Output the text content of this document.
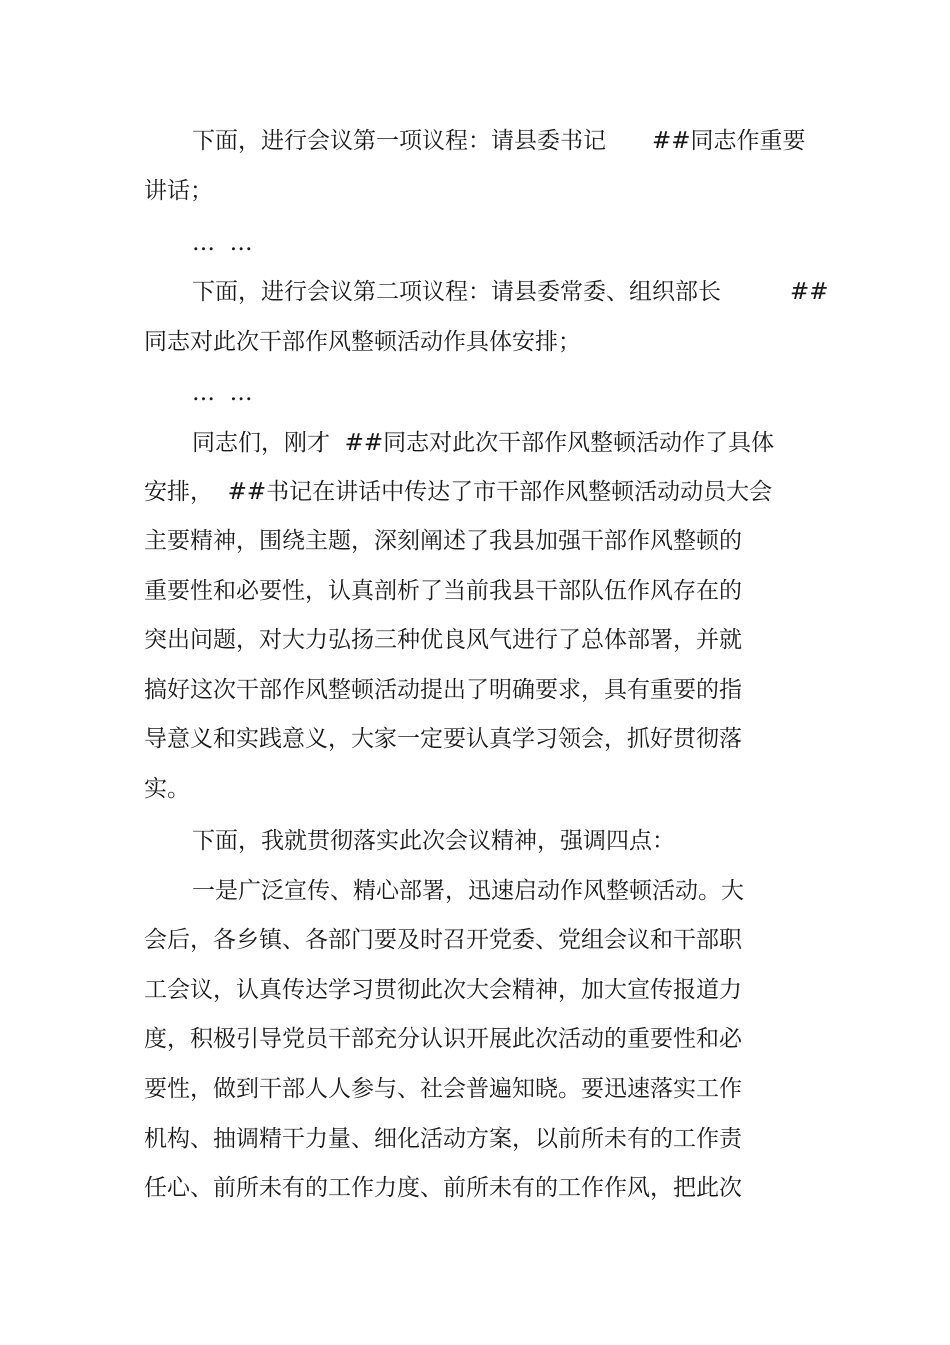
下面，进行会议第一项议程：请县委书记　　##同志作重要
讲话；
…  …
下面，进行会议第二项议程：请县委常委、组织部长　　　##
同志对此次干部作风整顿活动作具体安排；
…  …
同志们，刚才  ##同志对此次干部作风整顿活动作了具体
安排，  ##书记在讲话中传达了市干部作风整顿活动动员大会
主要精神，围绕主题，深刻阐述了我县加强干部作风整顿的
重要性和必要性，认真剖析了当前我县干部队伍作风存在的
突出问题，对大力弘扬三种优良风气进行了总体部署，并就
搞好这次干部作风整顿活动提出了明确要求，具有重要的指
导意义和实践意义，大家一定要认真学习领会，抓好贯彻落
实。
下面，我就贯彻落实此次会议精神，强调四点：
一是广泛宣传、精心部署，迅速启动作风整顿活动。大
会后，各乡镇、各部门要及时召开党委、党组会议和干部职
工会议，认真传达学习贯彻此次大会精神，加大宣传报道力
度，积极引导党员干部充分认识开展此次活动的重要性和必
要性，做到干部人人参与、社会普遍知晓。要迅速落实工作
机构、抽调精干力量、细化活动方案，以前所未有的工作责
任心、前所未有的工作力度、前所未有的工作作风，把此次
